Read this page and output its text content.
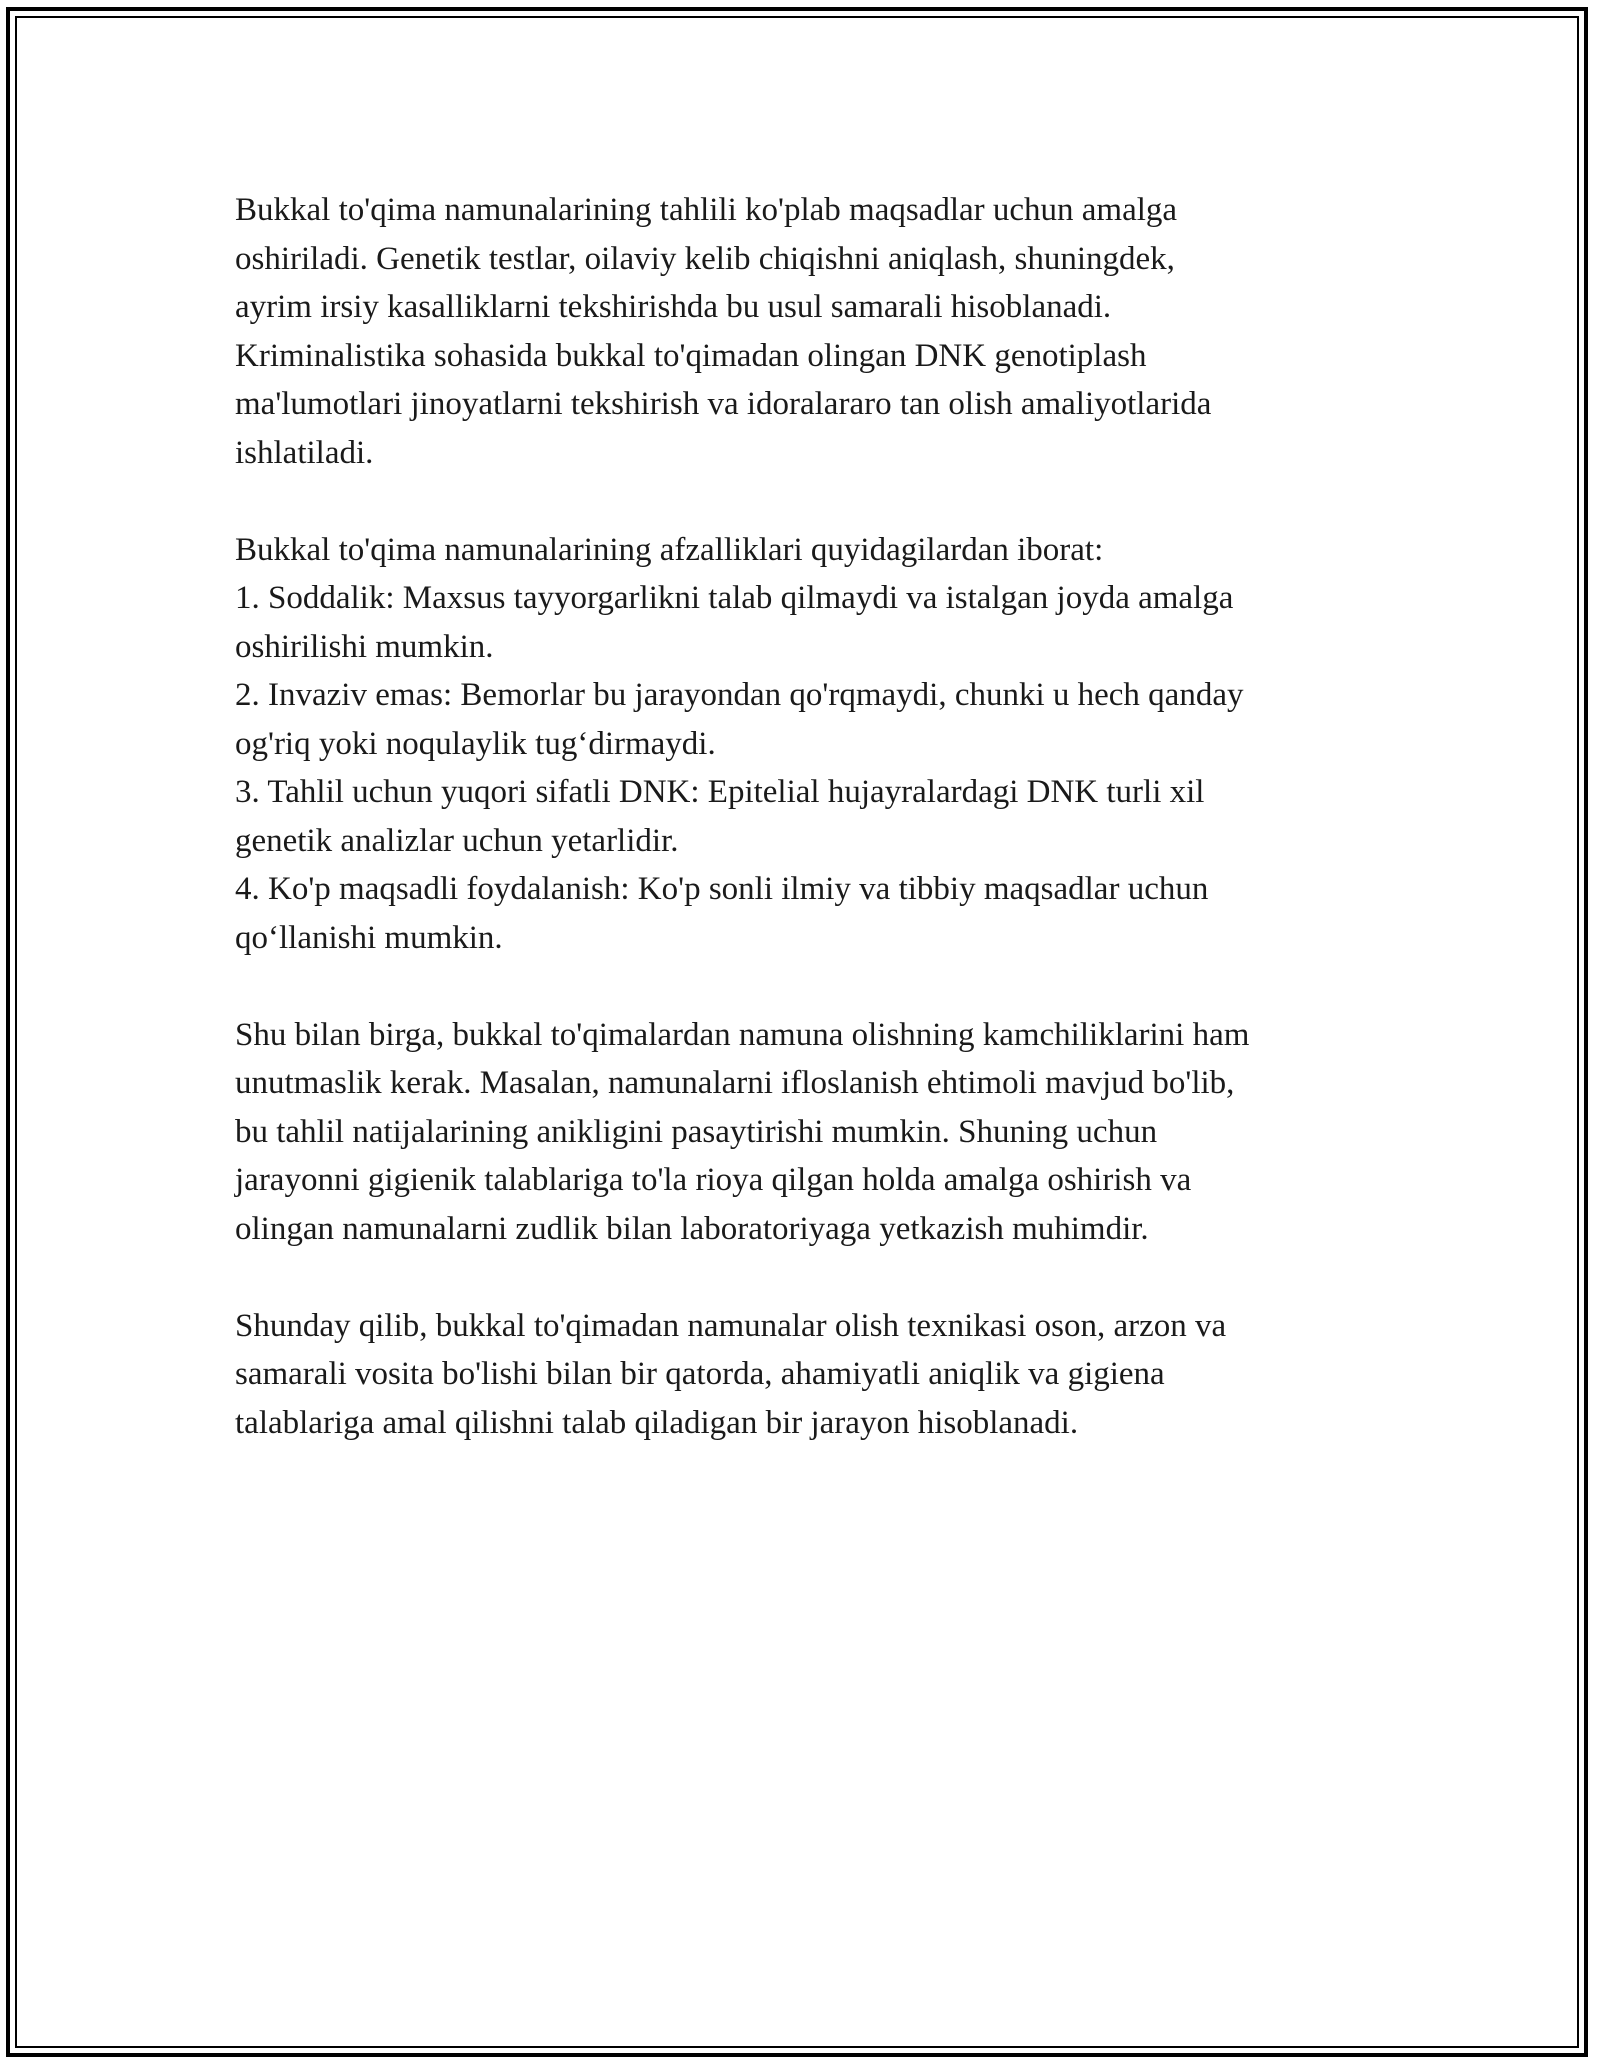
Bukkal to'qima namunalarining tahlili ko'plab maqsadlar uchun amalga
oshiriladi. Genetik testlar, oilaviy kelib chiqishni aniqlash, shuningdek,
ayrim irsiy kasalliklarni tekshirishda bu usul samarali hisoblanadi.
Kriminalistika sohasida bukkal to'qimadan olingan DNK genotiplash
ma'lumotlari jinoyatlarni tekshirish va idoralararo tan olish amaliyotlarida
ishlatiladi.

Bukkal to'qima namunalarining afzalliklari quyidagilardan iborat:
1. Soddalik: Maxsus tayyorgarlikni talab qilmaydi va istalgan joyda amalga
oshirilishi mumkin.
2. Invaziv emas: Bemorlar bu jarayondan qo'rqmaydi, chunki u hech qanday
og'riq yoki noqulaylik tug‘dirmaydi.
3. Tahlil uchun yuqori sifatli DNK: Epitelial hujayralardagi DNK turli xil
genetik analizlar uchun yetarlidir.
4. Ko'p maqsadli foydalanish: Ko'p sonli ilmiy va tibbiy maqsadlar uchun
qo‘llanishi mumkin.

Shu bilan birga, bukkal to'qimalardan namuna olishning kamchiliklarini ham
unutmaslik kerak. Masalan, namunalarni ifloslanish ehtimoli mavjud bo'lib,
bu tahlil natijalarining anikligini pasaytirishi mumkin. Shuning uchun
jarayonni gigienik talablariga to'la rioya qilgan holda amalga oshirish va
olingan namunalarni zudlik bilan laboratoriyaga yetkazish muhimdir.

Shunday qilib, bukkal to'qimadan namunalar olish texnikasi oson, arzon va
samarali vosita bo'lishi bilan bir qatorda, ahamiyatli aniqlik va gigiena
talablariga amal qilishni talab qiladigan bir jarayon hisoblanadi.
